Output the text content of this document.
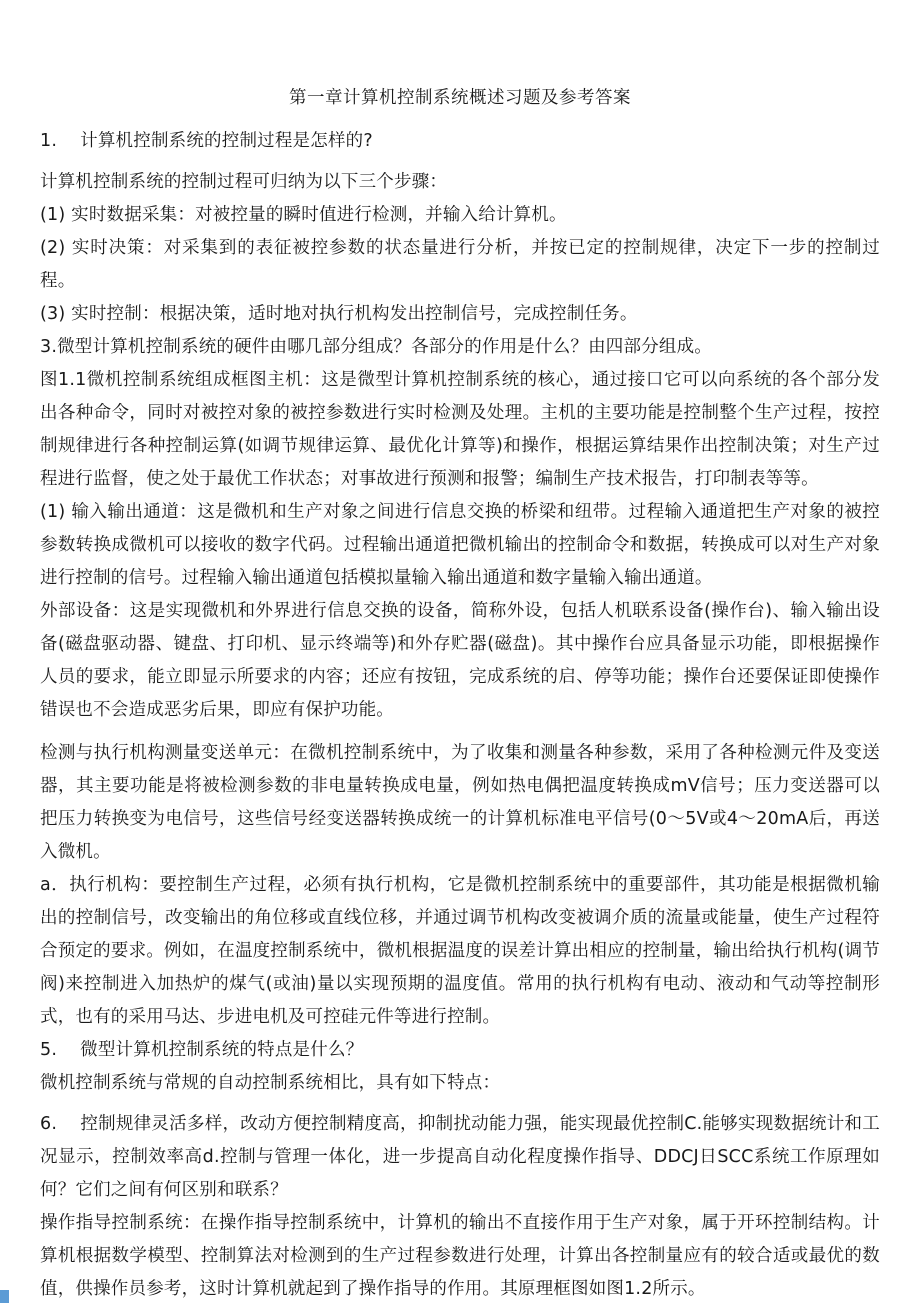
第一章计算机控制系统概述习题及参考答案

1.    计算机控制系统的控制过程是怎样的?

计算机控制系统的控制过程可归纳为以下三个步骤：

(1) 实时数据采集：对被控量的瞬时值进行检测，并输入给计算机。

(2) 实时决策：对采集到的表征被控参数的状态量进行分析，并按已定的控制规律，决定下一步的控制过程。

(3) 实时控制：根据决策，适时地对执行机构发出控制信号，完成控制任务。

3.微型计算机控制系统的硬件由哪几部分组成？各部分的作用是什么？由四部分组成。

图1.1微机控制系统组成框图主机：这是微型计算机控制系统的核心，通过接口它可以向系统的各个部分发出各种命令，同时对被控对象的被控参数进行实时检测及处理。主机的主要功能是控制整个生产过程，按控制规律进行各种控制运算(如调节规律运算、最优化计算等)和操作，根据运算结果作出控制决策；对生产过程进行监督，使之处于最优工作状态；对事故进行预测和报警；编制生产技术报告，打印制表等等。

(1) 输入输出通道：这是微机和生产对象之间进行信息交换的桥梁和纽带。过程输入通道把生产对象的被控参数转换成微机可以接收的数字代码。过程输出通道把微机输出的控制命令和数据，转换成可以对生产对象进行控制的信号。过程输入输出通道包括模拟量输入输出通道和数字量输入输出通道。

外部设备：这是实现微机和外界进行信息交换的设备，简称外设，包括人机联系设备(操作台)、输入输出设备(磁盘驱动器、键盘、打印机、显示终端等)和外存贮器(磁盘)。其中操作台应具备显示功能，即根据操作人员的要求，能立即显示所要求的内容；还应有按钮，完成系统的启、停等功能；操作台还要保证即使操作错误也不会造成恶劣后果，即应有保护功能。

检测与执行机构测量变送单元：在微机控制系统中，为了收集和测量各种参数，采用了各种检测元件及变送器，其主要功能是将被检测参数的非电量转换成电量，例如热电偶把温度转换成mV信号；压力变送器可以把压力转换变为电信号，这些信号经变送器转换成统一的计算机标准电平信号(0～5V或4～20mA后，再送入微机。

a．执行机构：要控制生产过程，必须有执行机构，它是微机控制系统中的重要部件，其功能是根据微机输出的控制信号，改变输出的角位移或直线位移，并通过调节机构改变被调介质的流量或能量，使生产过程符合预定的要求。例如，在温度控制系统中，微机根据温度的误差计算出相应的控制量，输出给执行机构(调节阀)来控制进入加热炉的煤气(或油)量以实现预期的温度值。常用的执行机构有电动、液动和气动等控制形式，也有的采用马达、步进电机及可控硅元件等进行控制。

5.    微型计算机控制系统的特点是什么？

微机控制系统与常规的自动控制系统相比，具有如下特点：

6.    控制规律灵活多样，改动方便控制精度高，抑制扰动能力强，能实现最优控制C.能够实现数据统计和工况显示，控制效率高d.控制与管理一体化，进一步提高自动化程度操作指导、DDCJ日SCC系统工作原理如何？它们之间有何区别和联系？

操作指导控制系统：在操作指导控制系统中，计算机的输出不直接作用于生产对象，属于开环控制结构。计算机根据数学模型、控制算法对检测到的生产过程参数进行处理，计算出各控制量应有的较合适或最优的数值，供操作员参考，这时计算机就起到了操作指导的作用。其原理框图如图1.2所示。
